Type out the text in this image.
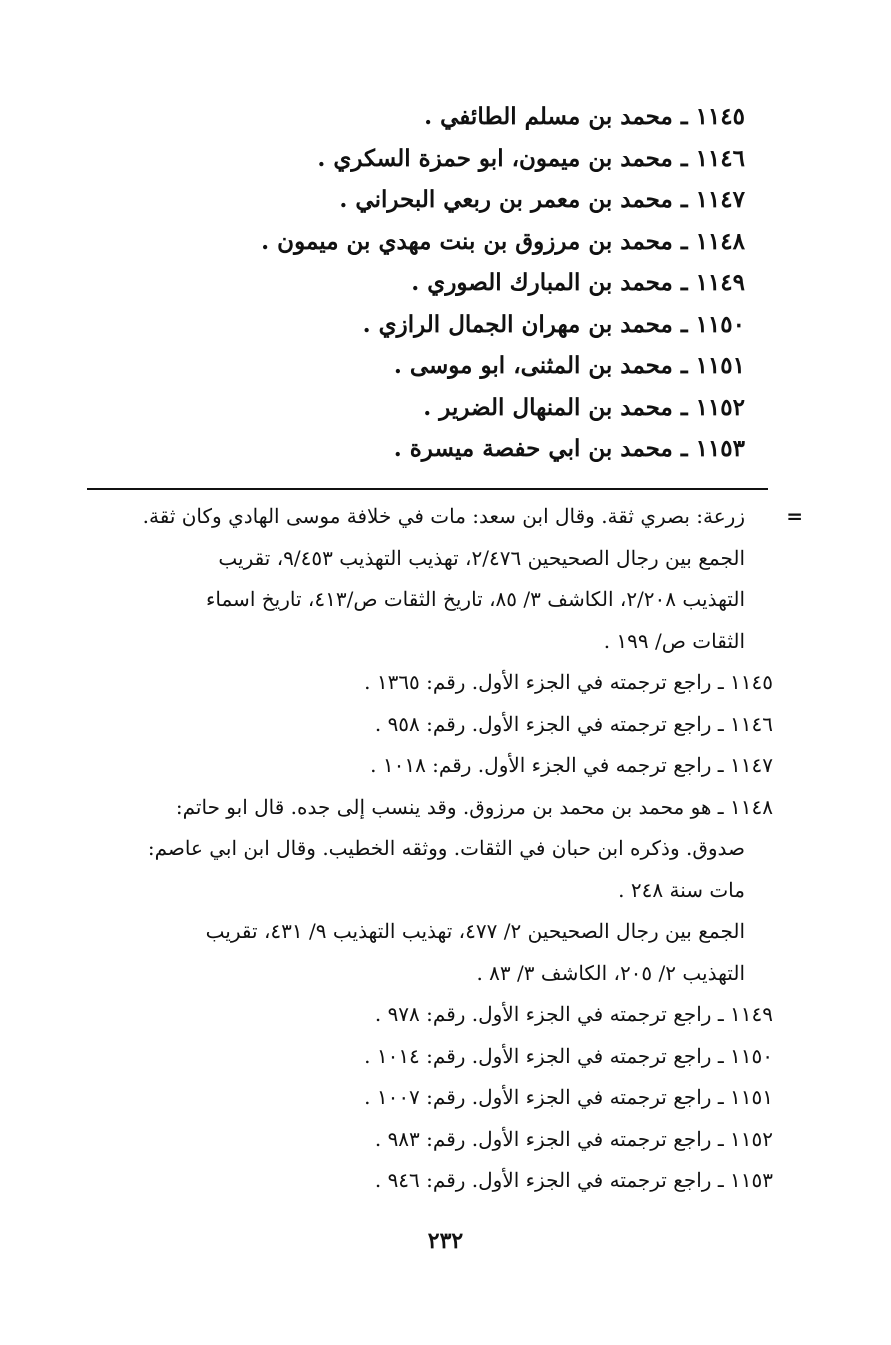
١١٤٥ ـ محمد بن مسلم الطائفي .
١١٤٦ ـ محمد بن ميمون، ابو حمزة السكري .
١١٤٧ ـ محمد بن معمر بن ربعي البحراني .
١١٤٨ ـ محمد بن مرزوق بن بنت مهدي بن ميمون .
١١٤٩ ـ محمد بن المبارك الصوري .
١١٥٠ ـ محمد بن مهران الجمال الرازي .
١١٥١ ـ محمد بن المثنى، ابو موسى .
١١٥٢ ـ محمد بن المنهال الضرير .
١١٥٣ ـ محمد بن ابي حفصة ميسرة .
=
زرعة: بصري ثقة. وقال ابن سعد: مات في خلافة موسى الهادي وكان ثقة.
الجمع بين رجال الصحيحين ٢/٤٧٦، تهذيب التهذيب ٩/٤٥٣، تقريب
التهذيب ٢/٢٠٨، الكاشف ٣/ ٨٥، تاريخ الثقات ص/٤١٣، تاريخ اسماء
الثقات ص/ ١٩٩ .
١١٤٥ ـ راجع ترجمته في الجزء الأول. رقم: ١٣٦٥ .
١١٤٦ ـ راجع ترجمته في الجزء الأول. رقم: ٩٥٨ .
١١٤٧ ـ راجع ترجمه في الجزء الأول. رقم: ١٠١٨ .
١١٤٨ ـ هو محمد بن محمد بن مرزوق. وقد ينسب إلى جده. قال ابو حاتم:
صدوق. وذكره ابن حبان في الثقات. ووثقه الخطيب. وقال ابن ابي عاصم:
مات سنة ٢٤٨ .
الجمع بين رجال الصحيحين ٢/ ٤٧٧، تهذيب التهذيب ٩/ ٤٣١، تقريب
التهذيب ٢/ ٢٠٥، الكاشف ٣/ ٨٣ .
١١٤٩ ـ راجع ترجمته في الجزء الأول. رقم: ٩٧٨ .
١١٥٠ ـ راجع ترجمته في الجزء الأول. رقم: ١٠١٤ .
١١٥١ ـ راجع ترجمته في الجزء الأول. رقم: ١٠٠٧ .
١١٥٢ ـ راجع ترجمته في الجزء الأول. رقم: ٩٨٣ .
١١٥٣ ـ راجع ترجمته في الجزء الأول. رقم: ٩٤٦ .
٢٣٢
